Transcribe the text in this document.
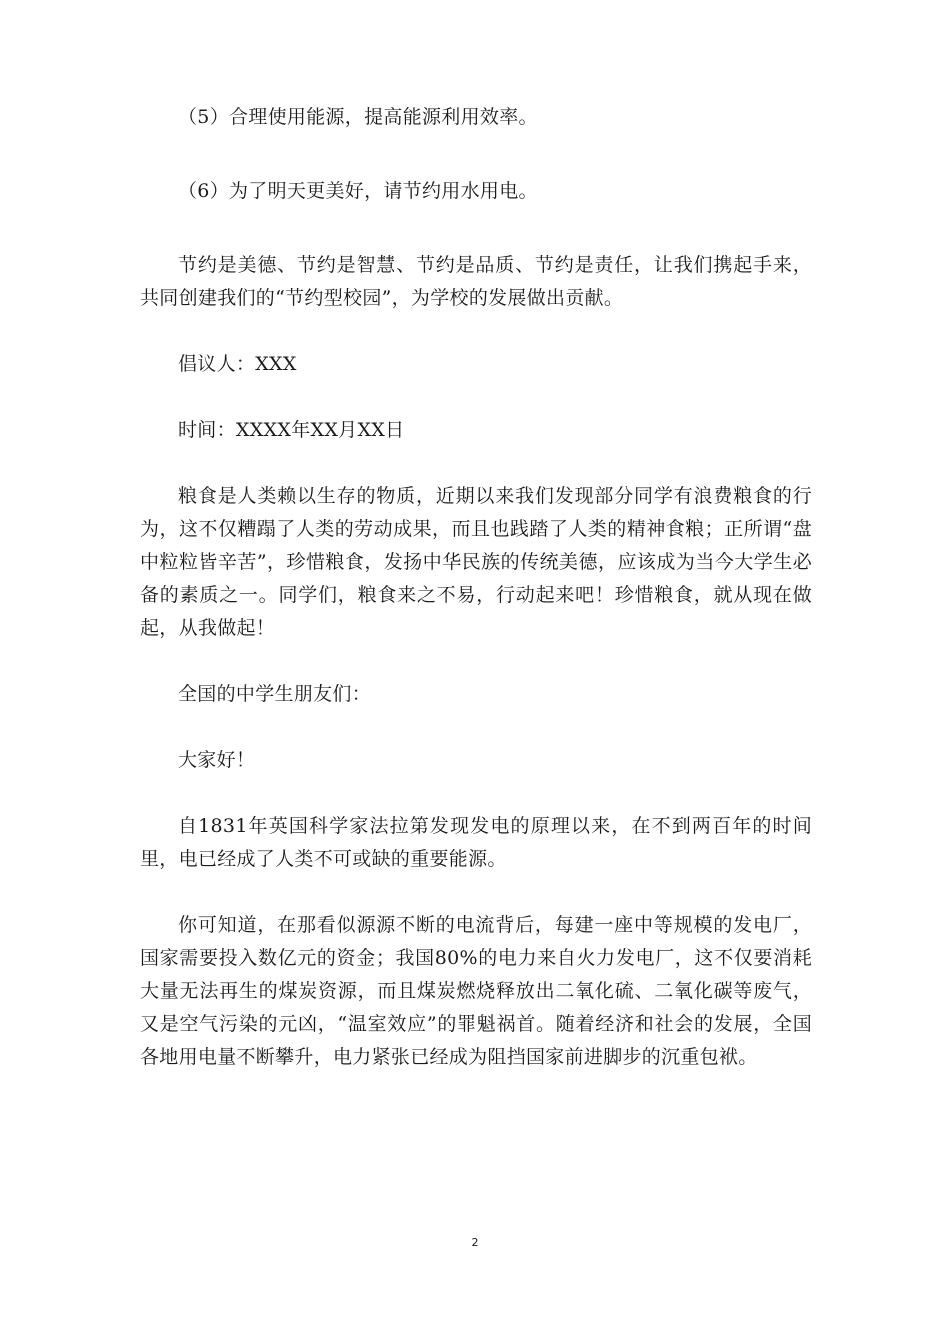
（5）合理使用能源，提高能源利用效率。

（6）为了明天更美好，请节约用水用电。

节约是美德、节约是智慧、节约是品质、节约是责任，让我们携起手来，共同创建我们的“节约型校园”，为学校的发展做出贡献。

倡议人：XXX

时间：XXXX年XX月XX日

粮食是人类赖以生存的物质，近期以来我们发现部分同学有浪费粮食的行为，这不仅糟蹋了人类的劳动成果，而且也践踏了人类的精神食粮；正所谓“盘中粒粒皆辛苦”，珍惜粮食，发扬中华民族的传统美德，应该成为当今大学生必备的素质之一。同学们，粮食来之不易，行动起来吧！珍惜粮食，就从现在做起，从我做起！

全国的中学生朋友们：

大家好！

自1831年英国科学家法拉第发现发电的原理以来，在不到两百年的时间里，电已经成了人类不可或缺的重要能源。

你可知道，在那看似源源不断的电流背后，每建一座中等规模的发电厂，国家需要投入数亿元的资金；我国80%的电力来自火力发电厂，这不仅要消耗大量无法再生的煤炭资源，而且煤炭燃烧释放出二氧化硫、二氧化碳等废气，又是空气污染的元凶，“温室效应”的罪魁祸首。随着经济和社会的发展，全国各地用电量不断攀升，电力紧张已经成为阻挡国家前进脚步的沉重包袱。

2
